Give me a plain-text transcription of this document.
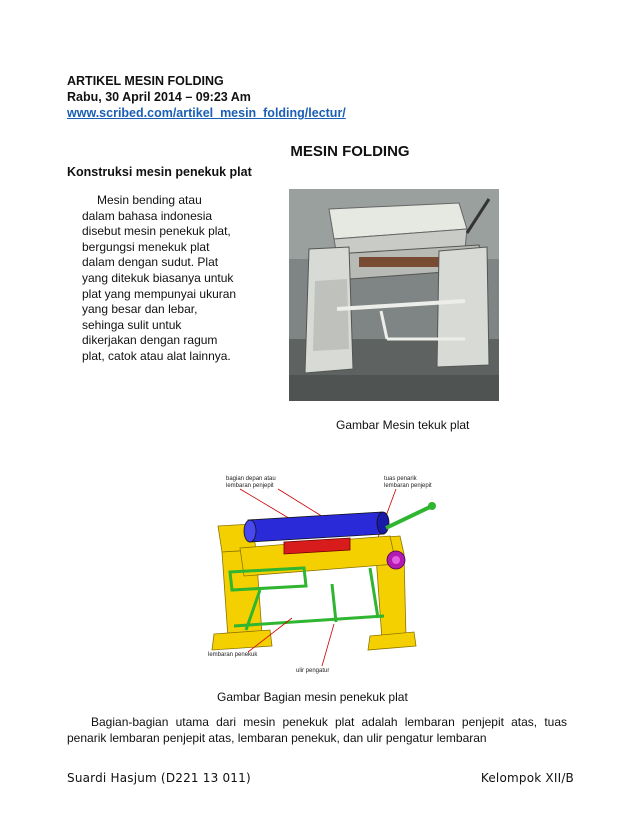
ARTIKEL MESIN FOLDING
Rabu, 30 April 2014 – 09:23 Am
www.scribed.com/artikel_mesin_folding/lectur/
MESIN FOLDING
Konstruksi mesin penekuk plat
Mesin bending atau
dalam bahasa indonesia
disebut mesin penekuk plat,
bergungsi menekuk plat
dalam dengan sudut. Plat
yang ditekuk biasanya untuk
plat yang mempunyai ukuran
yang besar dan lebar,
sehinga sulit untuk
dikerjakan dengan ragum
plat, catok atau alat lainnya.
Gambar Mesin tekuk plat
bagian depan atau
lembaran penjepit
tuas penarik
lembaran penjepit
lembaran penekuk
ulir pengatur
Gambar Bagian mesin penekuk plat
Bagian-bagian utama dari mesin penekuk plat adalah lembaran penjepit atas, tuas penarik lembaran penjepit atas, lembaran penekuk, dan ulir pengatur lembaran
Suardi Hasjum (D221 13 011)	Kelompok XII/B
